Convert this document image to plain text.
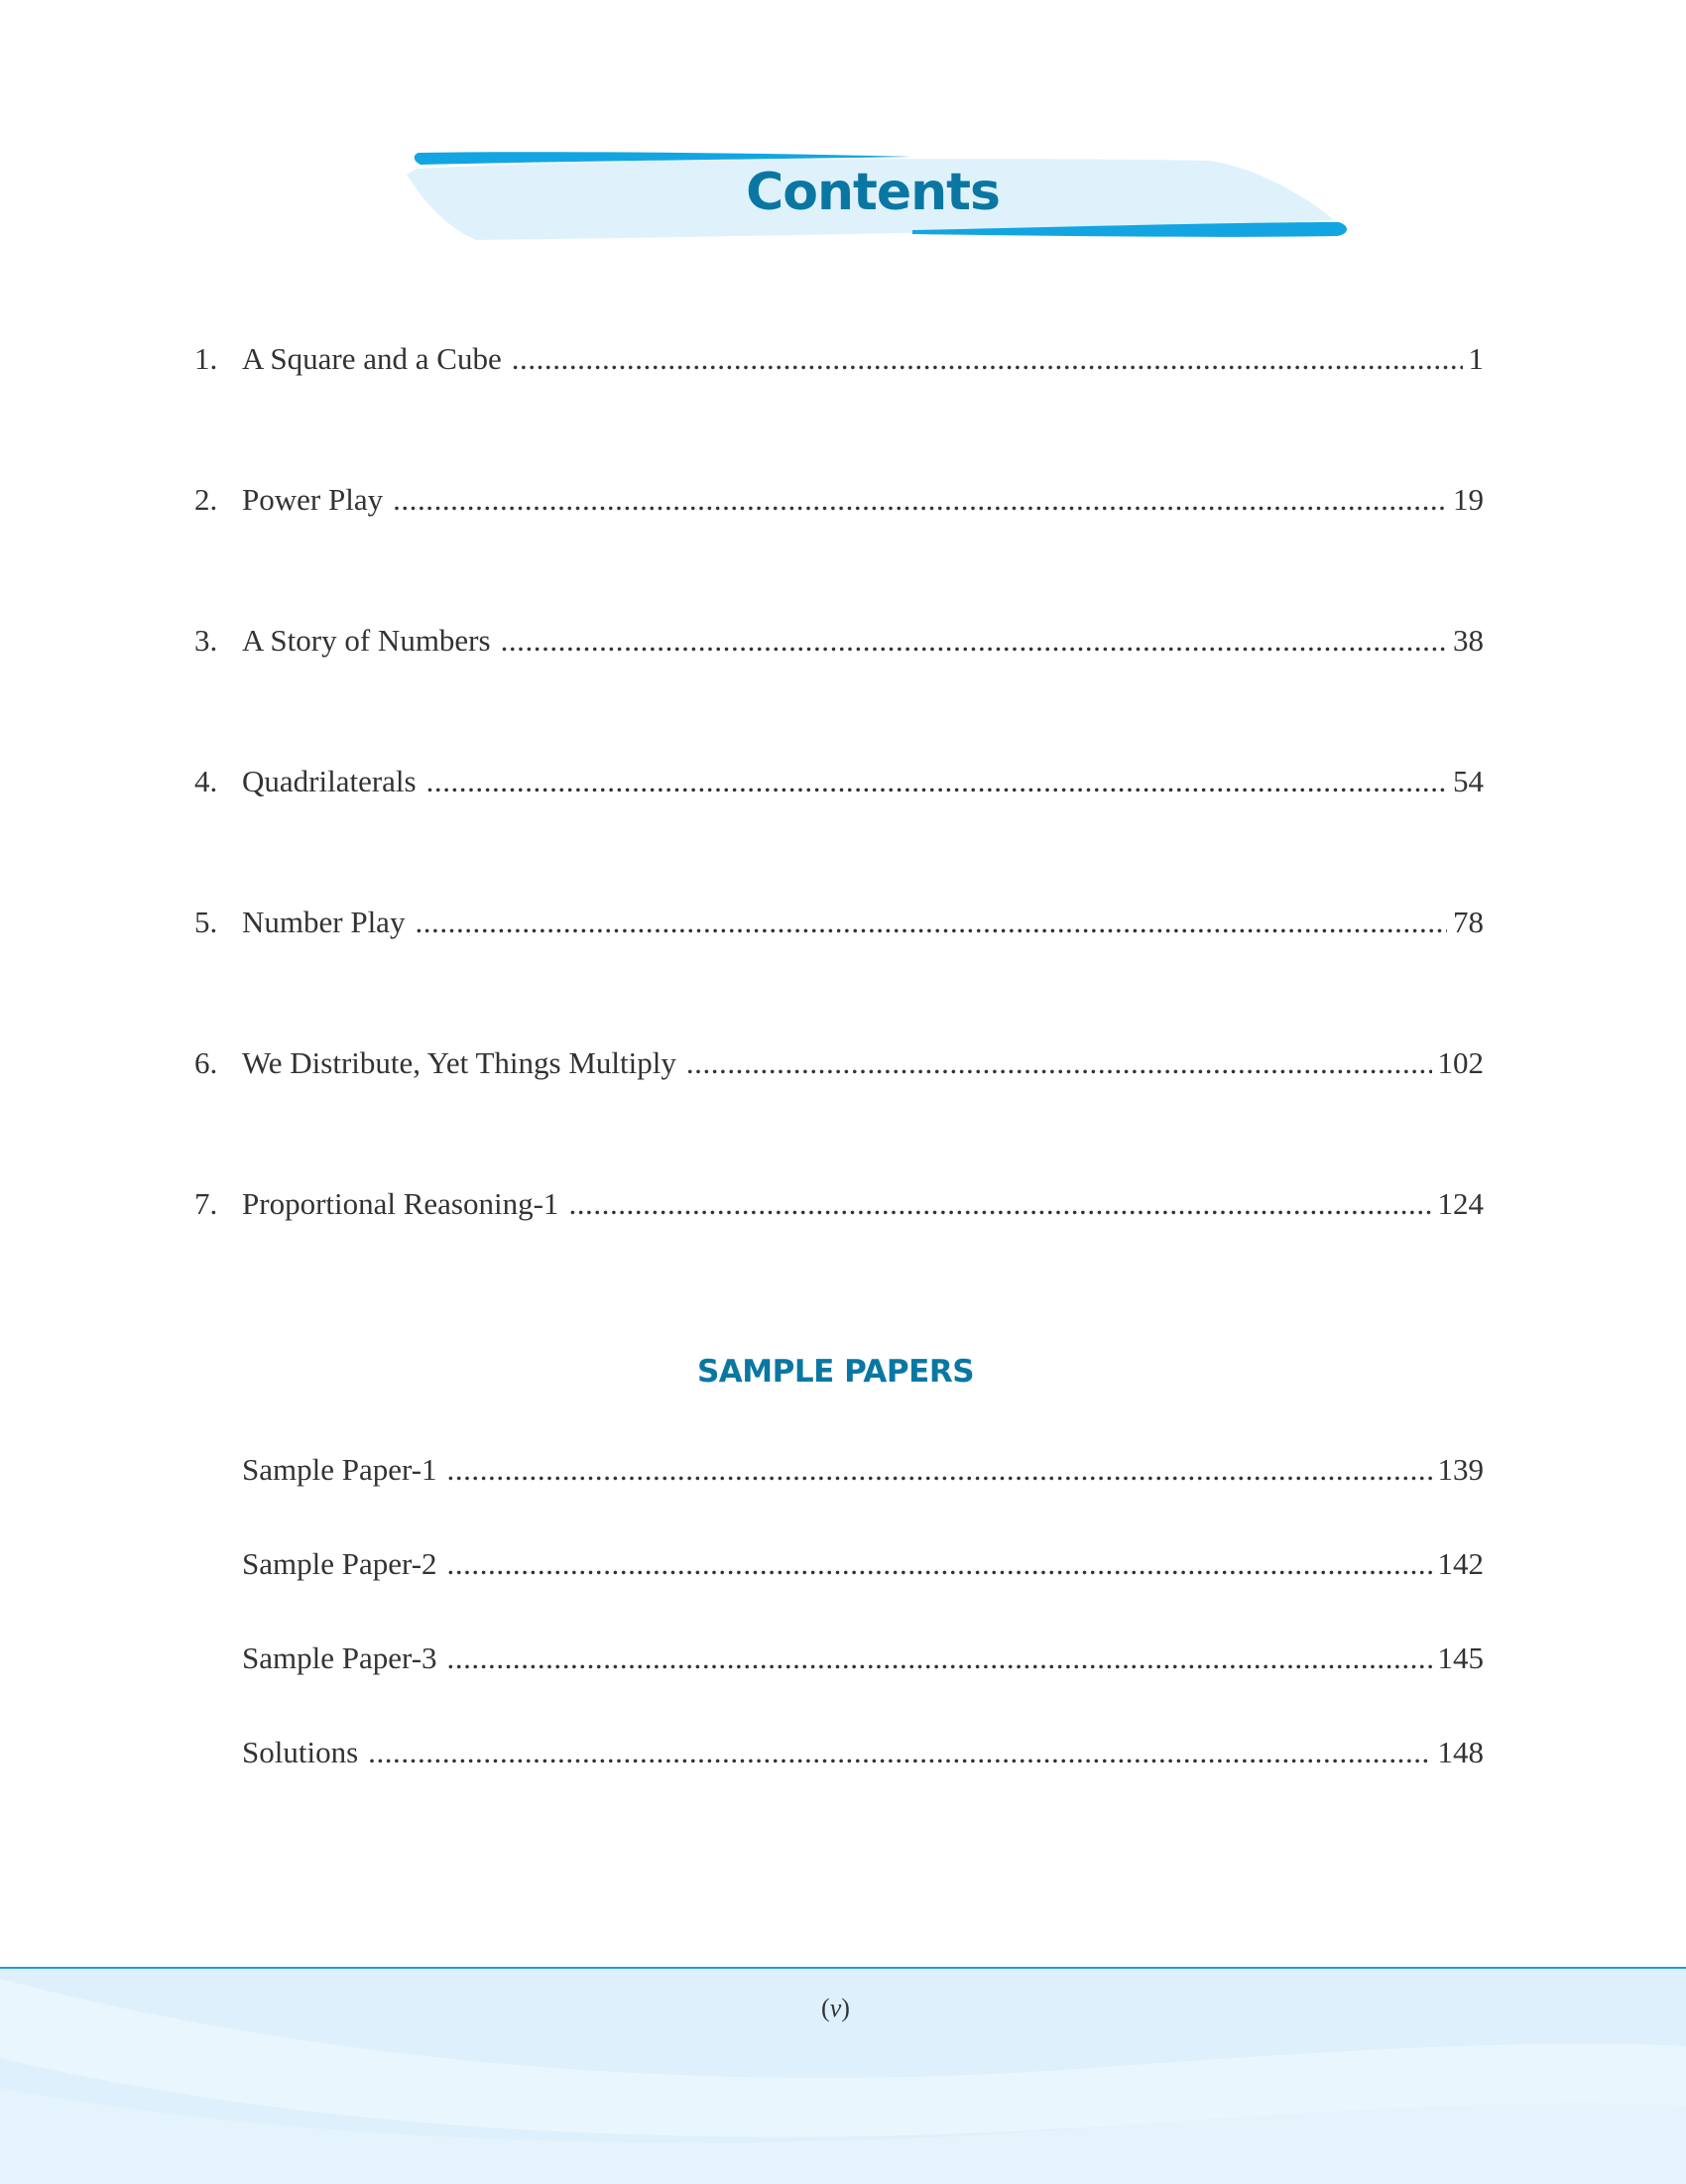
Contents
1. A Square and a Cube . . .	1
2. Power Play . . .	19
3. A Story of Numbers . . .	38
4. Quadrilaterals . . .	54
5. Number Play . . .	78
6. We Distribute, Yet Things Multiply . . .	102
7. Proportional Reasoning-1 . . .	124
Sample Paper-1 . . .	139
Sample Paper-2 . . .	142
Sample Paper-3 . . .	145
Solutions . . .	148
SAMPLE PAPERS
(v)
